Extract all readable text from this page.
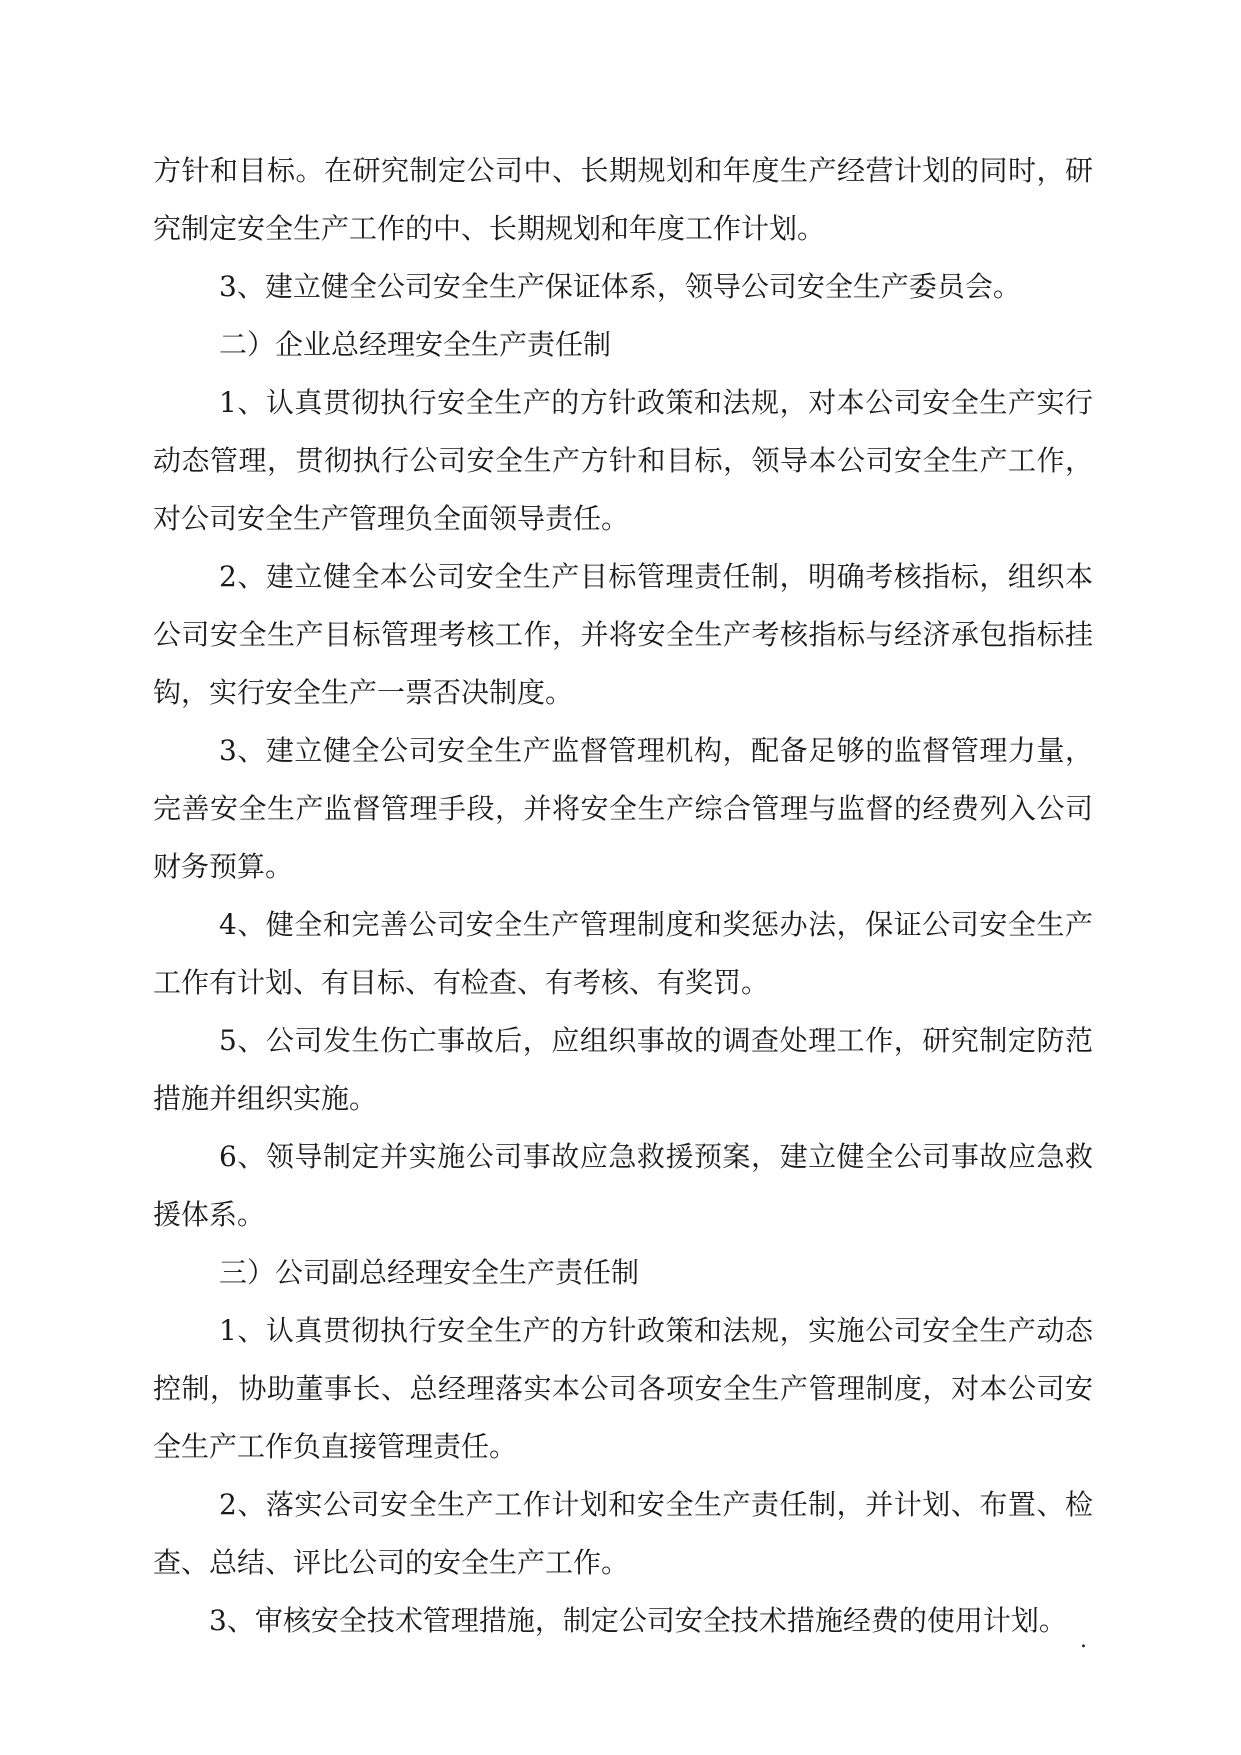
方针和目标。在研究制定公司中、长期规划和年度生产经营计划的同时，研究制定安全生产工作的中、长期规划和年度工作计划。

3、建立健全公司安全生产保证体系，领导公司安全生产委员会。

二）企业总经理安全生产责任制

1、认真贯彻执行安全生产的方针政策和法规，对本公司安全生产实行动态管理，贯彻执行公司安全生产方针和目标，领导本公司安全生产工作，对公司安全生产管理负全面领导责任。

2、建立健全本公司安全生产目标管理责任制，明确考核指标，组织本公司安全生产目标管理考核工作，并将安全生产考核指标与经济承包指标挂钩，实行安全生产一票否决制度。

3、建立健全公司安全生产监督管理机构，配备足够的监督管理力量，完善安全生产监督管理手段，并将安全生产综合管理与监督的经费列入公司财务预算。

4、健全和完善公司安全生产管理制度和奖惩办法，保证公司安全生产工作有计划、有目标、有检查、有考核、有奖罚。

5、公司发生伤亡事故后，应组织事故的调查处理工作，研究制定防范措施并组织实施。

6、领导制定并实施公司事故应急救援预案，建立健全公司事故应急救援体系。

三）公司副总经理安全生产责任制

1、认真贯彻执行安全生产的方针政策和法规，实施公司安全生产动态控制，协助董事长、总经理落实本公司各项安全生产管理制度，对本公司安全生产工作负直接管理责任。

2、落实公司安全生产工作计划和安全生产责任制，并计划、布置、检查、总结、评比公司的安全生产工作。

3、审核安全技术管理措施，制定公司安全技术措施经费的使用计划。

.
